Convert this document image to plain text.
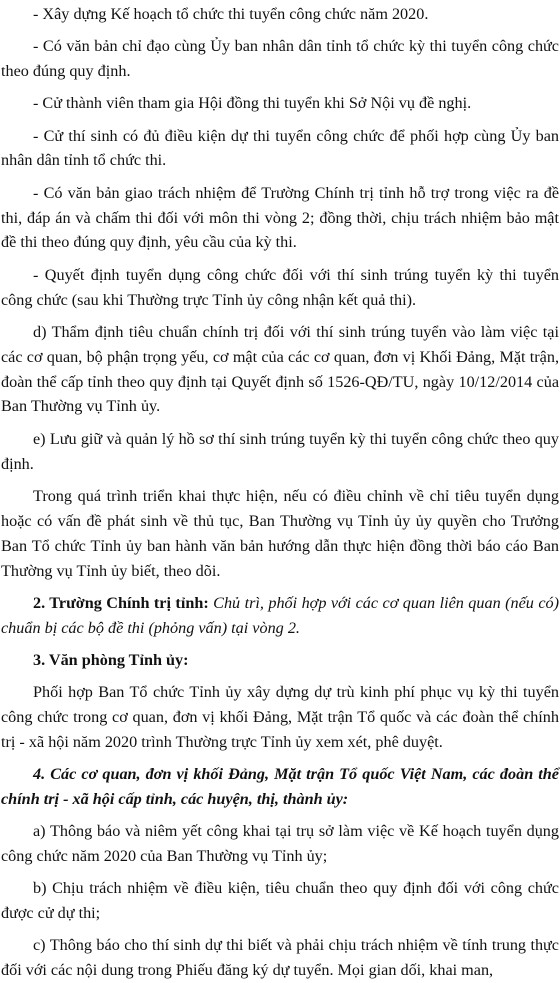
- Xây dựng Kế hoạch tổ chức thi tuyển công chức năm 2020.

- Có văn bản chỉ đạo cùng Ủy ban nhân dân tỉnh tổ chức kỳ thi tuyển công chức theo đúng quy định.

- Cử thành viên tham gia Hội đồng thi tuyển khi Sở Nội vụ đề nghị.

- Cử thí sinh có đủ điều kiện dự thi tuyển công chức để phối hợp cùng Ủy ban nhân dân tỉnh tổ chức thi.

- Có văn bản giao trách nhiệm để Trường Chính trị tỉnh hỗ trợ trong việc ra đề thi, đáp án và chấm thi đối với môn thi vòng 2; đồng thời, chịu trách nhiệm bảo mật đề thi theo đúng quy định, yêu cầu của kỳ thi.

- Quyết định tuyển dụng công chức đối với thí sinh trúng tuyển kỳ thi tuyển công chức (sau khi Thường trực Tỉnh ủy công nhận kết quả thi).

d) Thẩm định tiêu chuẩn chính trị đối với thí sinh trúng tuyển vào làm việc tại các cơ quan, bộ phận trọng yếu, cơ mật của các cơ quan, đơn vị Khối Đảng, Mặt trận, đoàn thể cấp tỉnh theo quy định tại Quyết định số 1526-QĐ/TU, ngày 10/12/2014 của Ban Thường vụ Tỉnh ủy.

e) Lưu giữ và quản lý hồ sơ thí sinh trúng tuyển kỳ thi tuyển công chức theo quy định.

Trong quá trình triển khai thực hiện, nếu có điều chỉnh về chỉ tiêu tuyển dụng hoặc có vấn đề phát sinh về thủ tục, Ban Thường vụ Tỉnh ủy ủy quyền cho Trưởng Ban Tổ chức Tỉnh ủy ban hành văn bản hướng dẫn thực hiện đồng thời báo cáo Ban Thường vụ Tỉnh ủy biết, theo dõi.

2. Trường Chính trị tỉnh: Chủ trì, phối hợp với các cơ quan liên quan (nếu có) chuẩn bị các bộ đề thi (phỏng vấn) tại vòng 2.

3. Văn phòng Tỉnh ủy:

Phối hợp Ban Tổ chức Tỉnh ủy xây dựng dự trù kinh phí phục vụ kỳ thi tuyển công chức trong cơ quan, đơn vị khối Đảng, Mặt trận Tổ quốc và các đoàn thể chính trị - xã hội năm 2020 trình Thường trực Tỉnh ủy xem xét, phê duyệt.

4. Các cơ quan, đơn vị khối Đảng, Mặt trận Tổ quốc Việt Nam, các đoàn thể chính trị - xã hội cấp tỉnh, các huyện, thị, thành ủy:

a) Thông báo và niêm yết công khai tại trụ sở làm việc về Kế hoạch tuyển dụng công chức năm 2020 của Ban Thường vụ Tỉnh ủy;

b) Chịu trách nhiệm về điều kiện, tiêu chuẩn theo quy định đối với công chức được cử dự thi;

c) Thông báo cho thí sinh dự thi biết và phải chịu trách nhiệm về tính trung thực đối với các nội dung trong Phiếu đăng ký dự tuyển. Mọi gian dối, khai man,
